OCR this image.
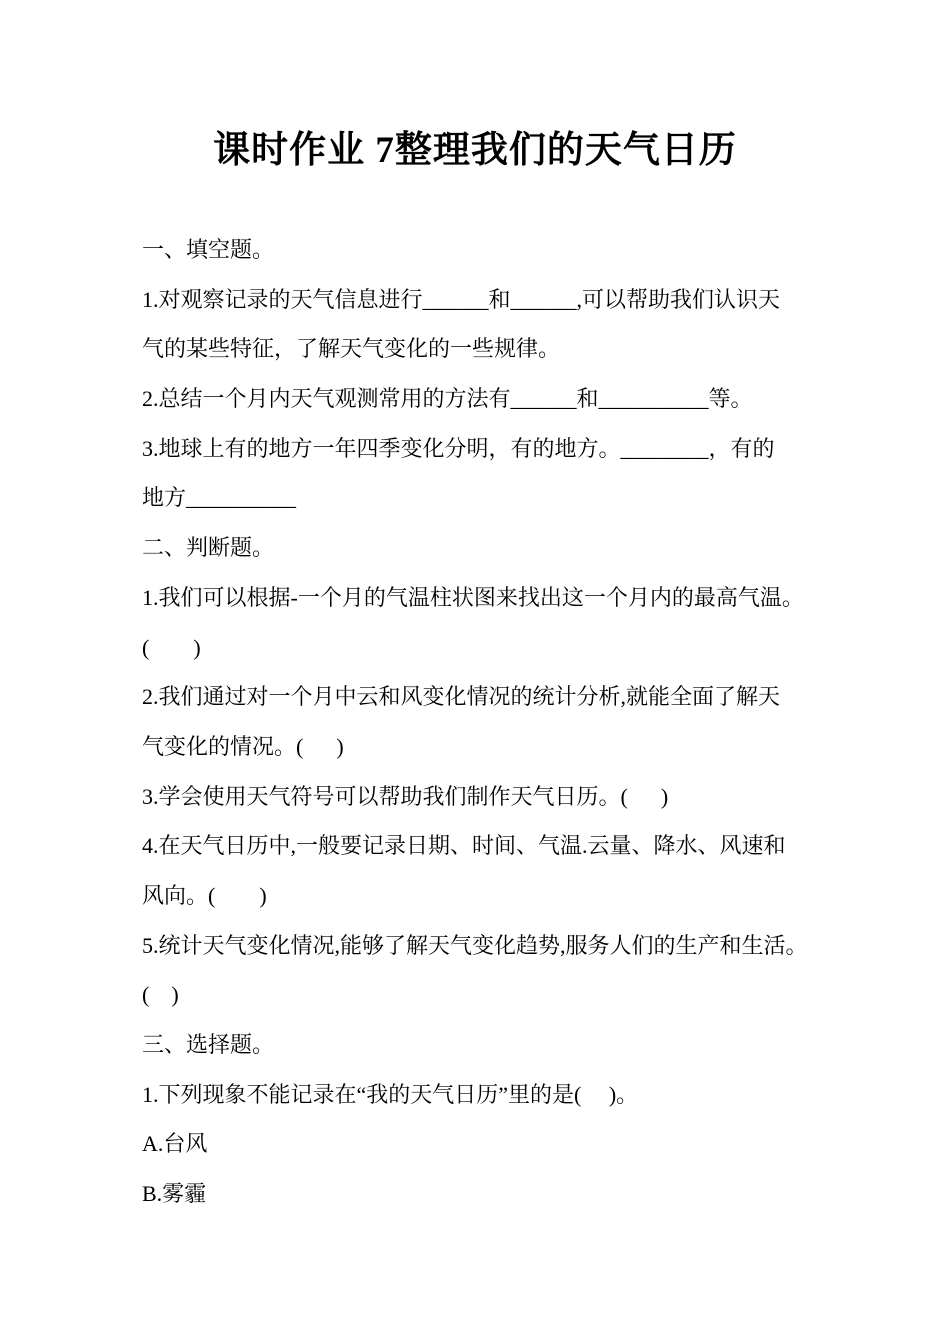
课时作业 7整理我们的天气日历
一、填空题。
1.对观察记录的天气信息进行______和______,可以帮助我们认识天
气的某些特征，了解天气变化的一些规律。
2.总结一个月内天气观测常用的方法有______和__________等。
3.地球上有的地方一年四季变化分明，有的地方。________，有的
地方__________
二、判断题。
1.我们可以根据-一个月的气温柱状图来找出这一个月内的最高气温。
(        )
2.我们通过对一个月中云和风变化情况的统计分析,就能全面了解天
气变化的情况。(      )
3.学会使用天气符号可以帮助我们制作天气日历。(      )
4.在天气日历中,一般要记录日期、时间、气温.云量、降水、风速和
风向。(        )
5.统计天气变化情况,能够了解天气变化趋势,服务人们的生产和生活。
(    )
三、选择题。
1.下列现象不能记录在“我的天气日历”里的是(     )。
A.台风
B.雾霾
